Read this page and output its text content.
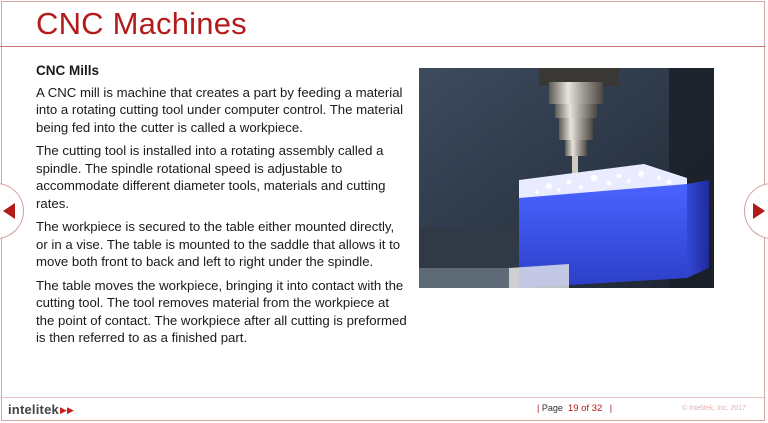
CNC Machines
CNC Mills

A CNC mill is machine that creates a part by feeding a material into a rotating cutting tool under computer control. The material being fed into the cutter is called a workpiece.

The cutting tool is installed into a rotating assembly called a spindle. The spindle rotational speed is adjustable to accommodate different diameter tools, materials and cutting rates.

The workpiece is secured to the table either mounted directly, or in a vise. The table is mounted to the saddle that allows it to move both front to back and left to right under the spindle.

The table moves the workpiece, bringing it into contact with the cutting tool. The tool removes material from the workpiece at the point of contact. The workpiece after all cutting is preformed is then referred to as a finished part.

intelitek▶▶	| Page 19 of 32 |	© Intelitek, Inc. 2017
